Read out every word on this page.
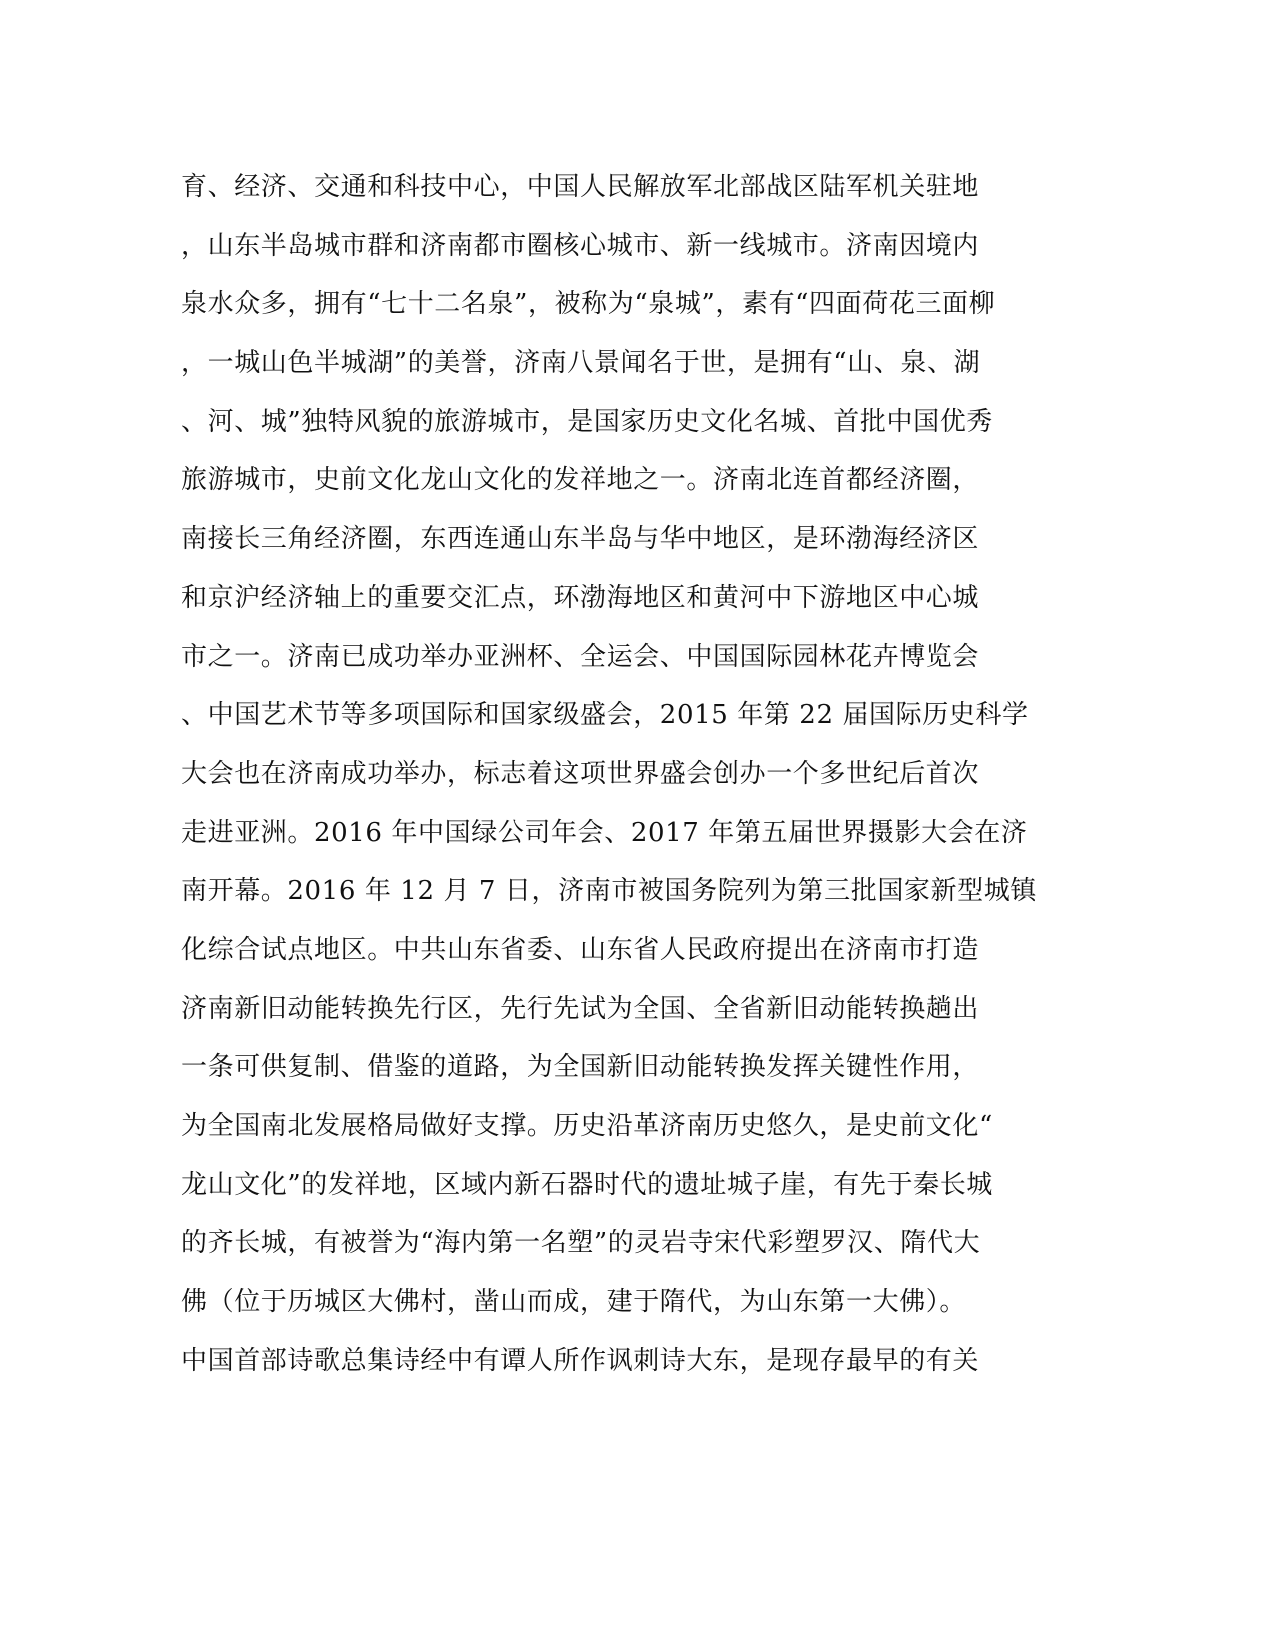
育、经济、交通和科技中心，中国人民解放军北部战区陆军机关驻地
，山东半岛城市群和济南都市圈核心城市、新一线城市。济南因境内
泉水众多，拥有“七十二名泉”，被称为“泉城”，素有“四面荷花三面柳
，一城山色半城湖”的美誉，济南八景闻名于世，是拥有“山、泉、湖
、河、城”独特风貌的旅游城市，是国家历史文化名城、首批中国优秀
旅游城市，史前文化龙山文化的发祥地之一。济南北连首都经济圈，
南接长三角经济圈，东西连通山东半岛与华中地区，是环渤海经济区
和京沪经济轴上的重要交汇点，环渤海地区和黄河中下游地区中心城
市之一。济南已成功举办亚洲杯、全运会、中国国际园林花卉博览会
、中国艺术节等多项国际和国家级盛会，2015 年第 22 届国际历史科学
大会也在济南成功举办，标志着这项世界盛会创办一个多世纪后首次
走进亚洲。2016 年中国绿公司年会、2017 年第五届世界摄影大会在济
南开幕。2016 年 12 月 7 日，济南市被国务院列为第三批国家新型城镇
化综合试点地区。中共山东省委、山东省人民政府提出在济南市打造
济南新旧动能转换先行区，先行先试为全国、全省新旧动能转换趟出
一条可供复制、借鉴的道路，为全国新旧动能转换发挥关键性作用，
为全国南北发展格局做好支撑。历史沿革济南历史悠久，是史前文化“
龙山文化”的发祥地，区域内新石器时代的遗址城子崖，有先于秦长城
的齐长城，有被誉为“海内第一名塑”的灵岩寺宋代彩塑罗汉、隋代大
佛（位于历城区大佛村，凿山而成，建于隋代，为山东第一大佛）。
中国首部诗歌总集诗经中有谭人所作讽刺诗大东，是现存最早的有关
